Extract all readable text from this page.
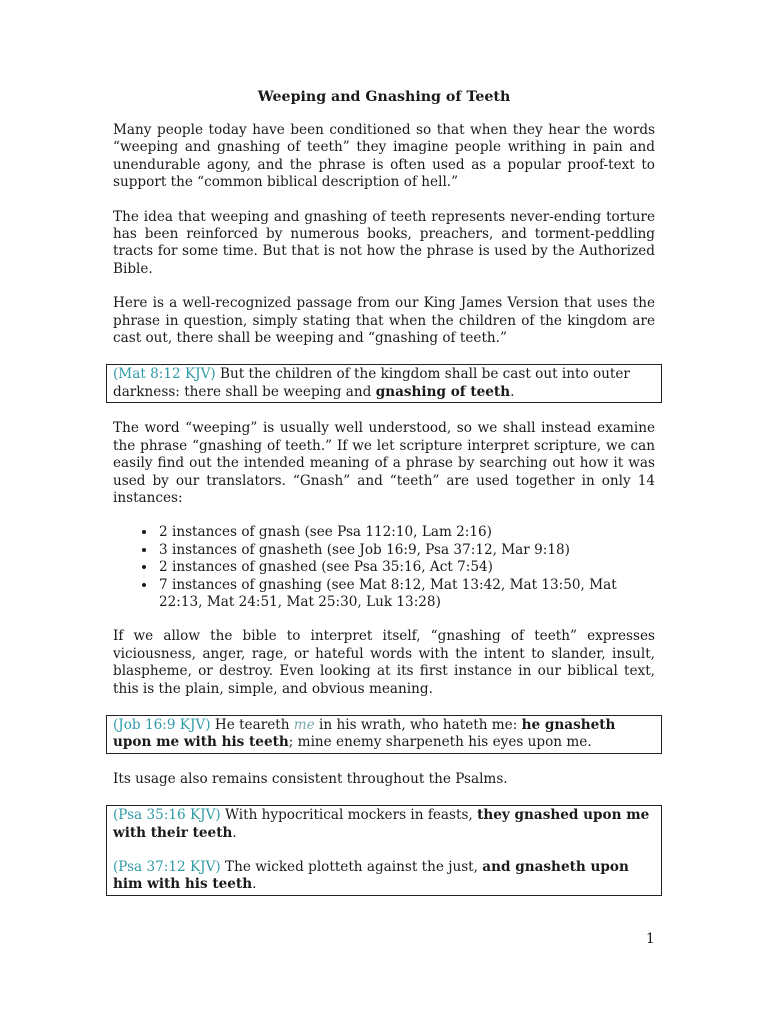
Weeping and Gnashing of Teeth

Many people today have been conditioned so that when they hear the words “weeping and gnashing of teeth” they imagine people writhing in pain and unendurable agony, and the phrase is often used as a popular proof-text to support the “common biblical description of hell.”

The idea that weeping and gnashing of teeth represents never-ending torture has been reinforced by numerous books, preachers, and torment-peddling tracts for some time. But that is not how the phrase is used by the Authorized Bible.

Here is a well-recognized passage from our King James Version that uses the phrase in question, simply stating that when the children of the kingdom are cast out, there shall be weeping and “gnashing of teeth.”

(Mat 8:12 KJV) But the children of the kingdom shall be cast out into outer darkness: there shall be weeping and gnashing of teeth.

The word “weeping” is usually well understood, so we shall instead examine the phrase “gnashing of teeth.” If we let scripture interpret scripture, we can easily find out the intended meaning of a phrase by searching out how it was used by our translators. “Gnash” and “teeth” are used together in only 14 instances:

• 2 instances of gnash (see Psa 112:10, Lam 2:16)
• 3 instances of gnasheth (see Job 16:9, Psa 37:12, Mar 9:18)
• 2 instances of gnashed (see Psa 35:16, Act 7:54)
• 7 instances of gnashing (see Mat 8:12, Mat 13:42, Mat 13:50, Mat 22:13, Mat 24:51, Mat 25:30, Luk 13:28)

If we allow the bible to interpret itself, “gnashing of teeth” expresses viciousness, anger, rage, or hateful words with the intent to slander, insult, blaspheme, or destroy. Even looking at its first instance in our biblical text, this is the plain, simple, and obvious meaning.

(Job 16:9 KJV) He teareth me in his wrath, who hateth me: he gnasheth upon me with his teeth; mine enemy sharpeneth his eyes upon me.

Its usage also remains consistent throughout the Psalms.

(Psa 35:16 KJV) With hypocritical mockers in feasts, they gnashed upon me with their teeth.

(Psa 37:12 KJV) The wicked plotteth against the just, and gnasheth upon him with his teeth.

1
